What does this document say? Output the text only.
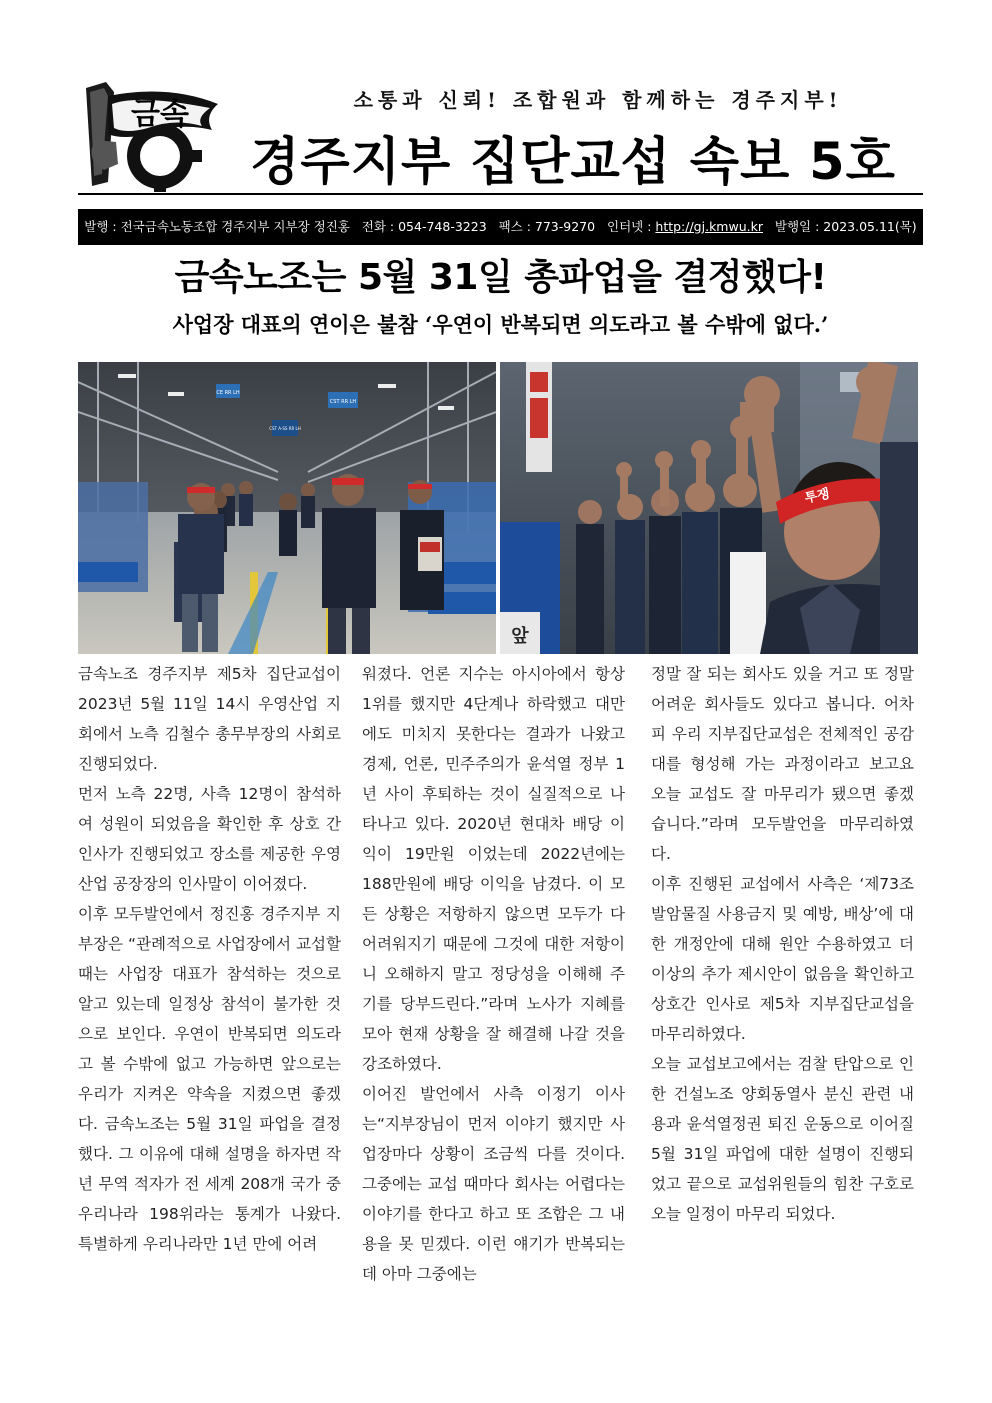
금속	소통과 신뢰! 조합원과 함께하는 경주지부!
경주지부 집단교섭 속보 5호
발행 : 전국금속노동조합 경주지부 지부장 정진홍 전화 : 054-748-3223 팩스 : 773-9270 인터넷 : http://gj.kmwu.kr 발행일 : 2023.05.11(목)
금속노조는 5월 31일 총파업을 결정했다!
사업장 대표의 연이은 불참 ‘우연이 반복되면 의도라고 볼 수밖에 없다.’
CE RR LH
CST RR LH
CST A-SS RR LH
앞
투쟁

금속노조 경주지부 제5차 집단교섭이 2023년 5월 11일 14시 우영산업 지회에서 노측 김철수 총무부장의 사회로 진행되었다.

먼저 노측 22명, 사측 12명이 참석하여 성원이 되었음을 확인한 후 상호 간 인사가 진행되었고 장소를 제공한 우영산업 공장장의 인사말이 이어졌다.

이후 모두발언에서 정진홍 경주지부 지부장은 “관례적으로 사업장에서 교섭할 때는 사업장 대표가 참석하는 것으로 알고 있는데 일정상 참석이 불가한 것으로 보인다. 우연이 반복되면 의도라고 볼 수밖에 없고 가능하면 앞으로는 우리가 지켜온 약속을 지켰으면 좋겠다. 금속노조는 5월 31일 파업을 결정했다. 그 이유에 대해 설명을 하자면 작년 무역 적자가 전 세계 208개 국가 중 우리나라 198위라는 통계가 나왔다. 특별하게 우리나라만 1년 만에 어려

워졌다. 언론 지수는 아시아에서 항상 1위를 했지만 4단계나 하락했고 대만에도 미치지 못한다는 결과가 나왔고 경제, 언론, 민주주의가 윤석열 정부 1년 사이 후퇴하는 것이 실질적으로 나타나고 있다. 2020년 현대차 배당 이익이 19만원 이었는데 2022년에는 188만원에 배당 이익을 남겼다. 이 모든 상황은 저항하지 않으면 모두가 다 어려워지기 때문에 그것에 대한 저항이니 오해하지 말고 정당성을 이해해 주기를 당부드린다.”라며 노사가 지혜를 모아 현재 상황을 잘 해결해 나갈 것을 강조하였다.

이어진 발언에서 사측 이정기 이사는“지부장님이 먼저 이야기 했지만 사업장마다 상황이 조금씩 다를 것이다. 그중에는 교섭 때마다 회사는 어렵다는 이야기를 한다고 하고 또 조합은 그 내용을 못 믿겠다. 이런 얘기가 반복되는데 아마 그중에는

정말 잘 되는 회사도 있을 거고 또 정말 어려운 회사들도 있다고 봅니다. 어차피 우리 지부집단교섭은 전체적인 공감대를 형성해 가는 과정이라고 보고요 오늘 교섭도 잘 마무리가 됐으면 좋겠습니다.”라며 모두발언을 마무리하였다.

이후 진행된 교섭에서 사측은 ‘제73조 발암물질 사용금지 및 예방, 배상’에 대한 개정안에 대해 원안 수용하였고 더 이상의 추가 제시안이 없음을 확인하고 상호간 인사로 제5차 지부집단교섭을 마무리하였다.

오늘 교섭보고에서는 검찰 탄압으로 인한 건설노조 양회동열사 분신 관련 내용과 윤석열정권 퇴진 운동으로 이어질 5월 31일 파업에 대한 설명이 진행되었고 끝으로 교섭위원들의 힘찬 구호로 오늘 일정이 마무리 되었다.
